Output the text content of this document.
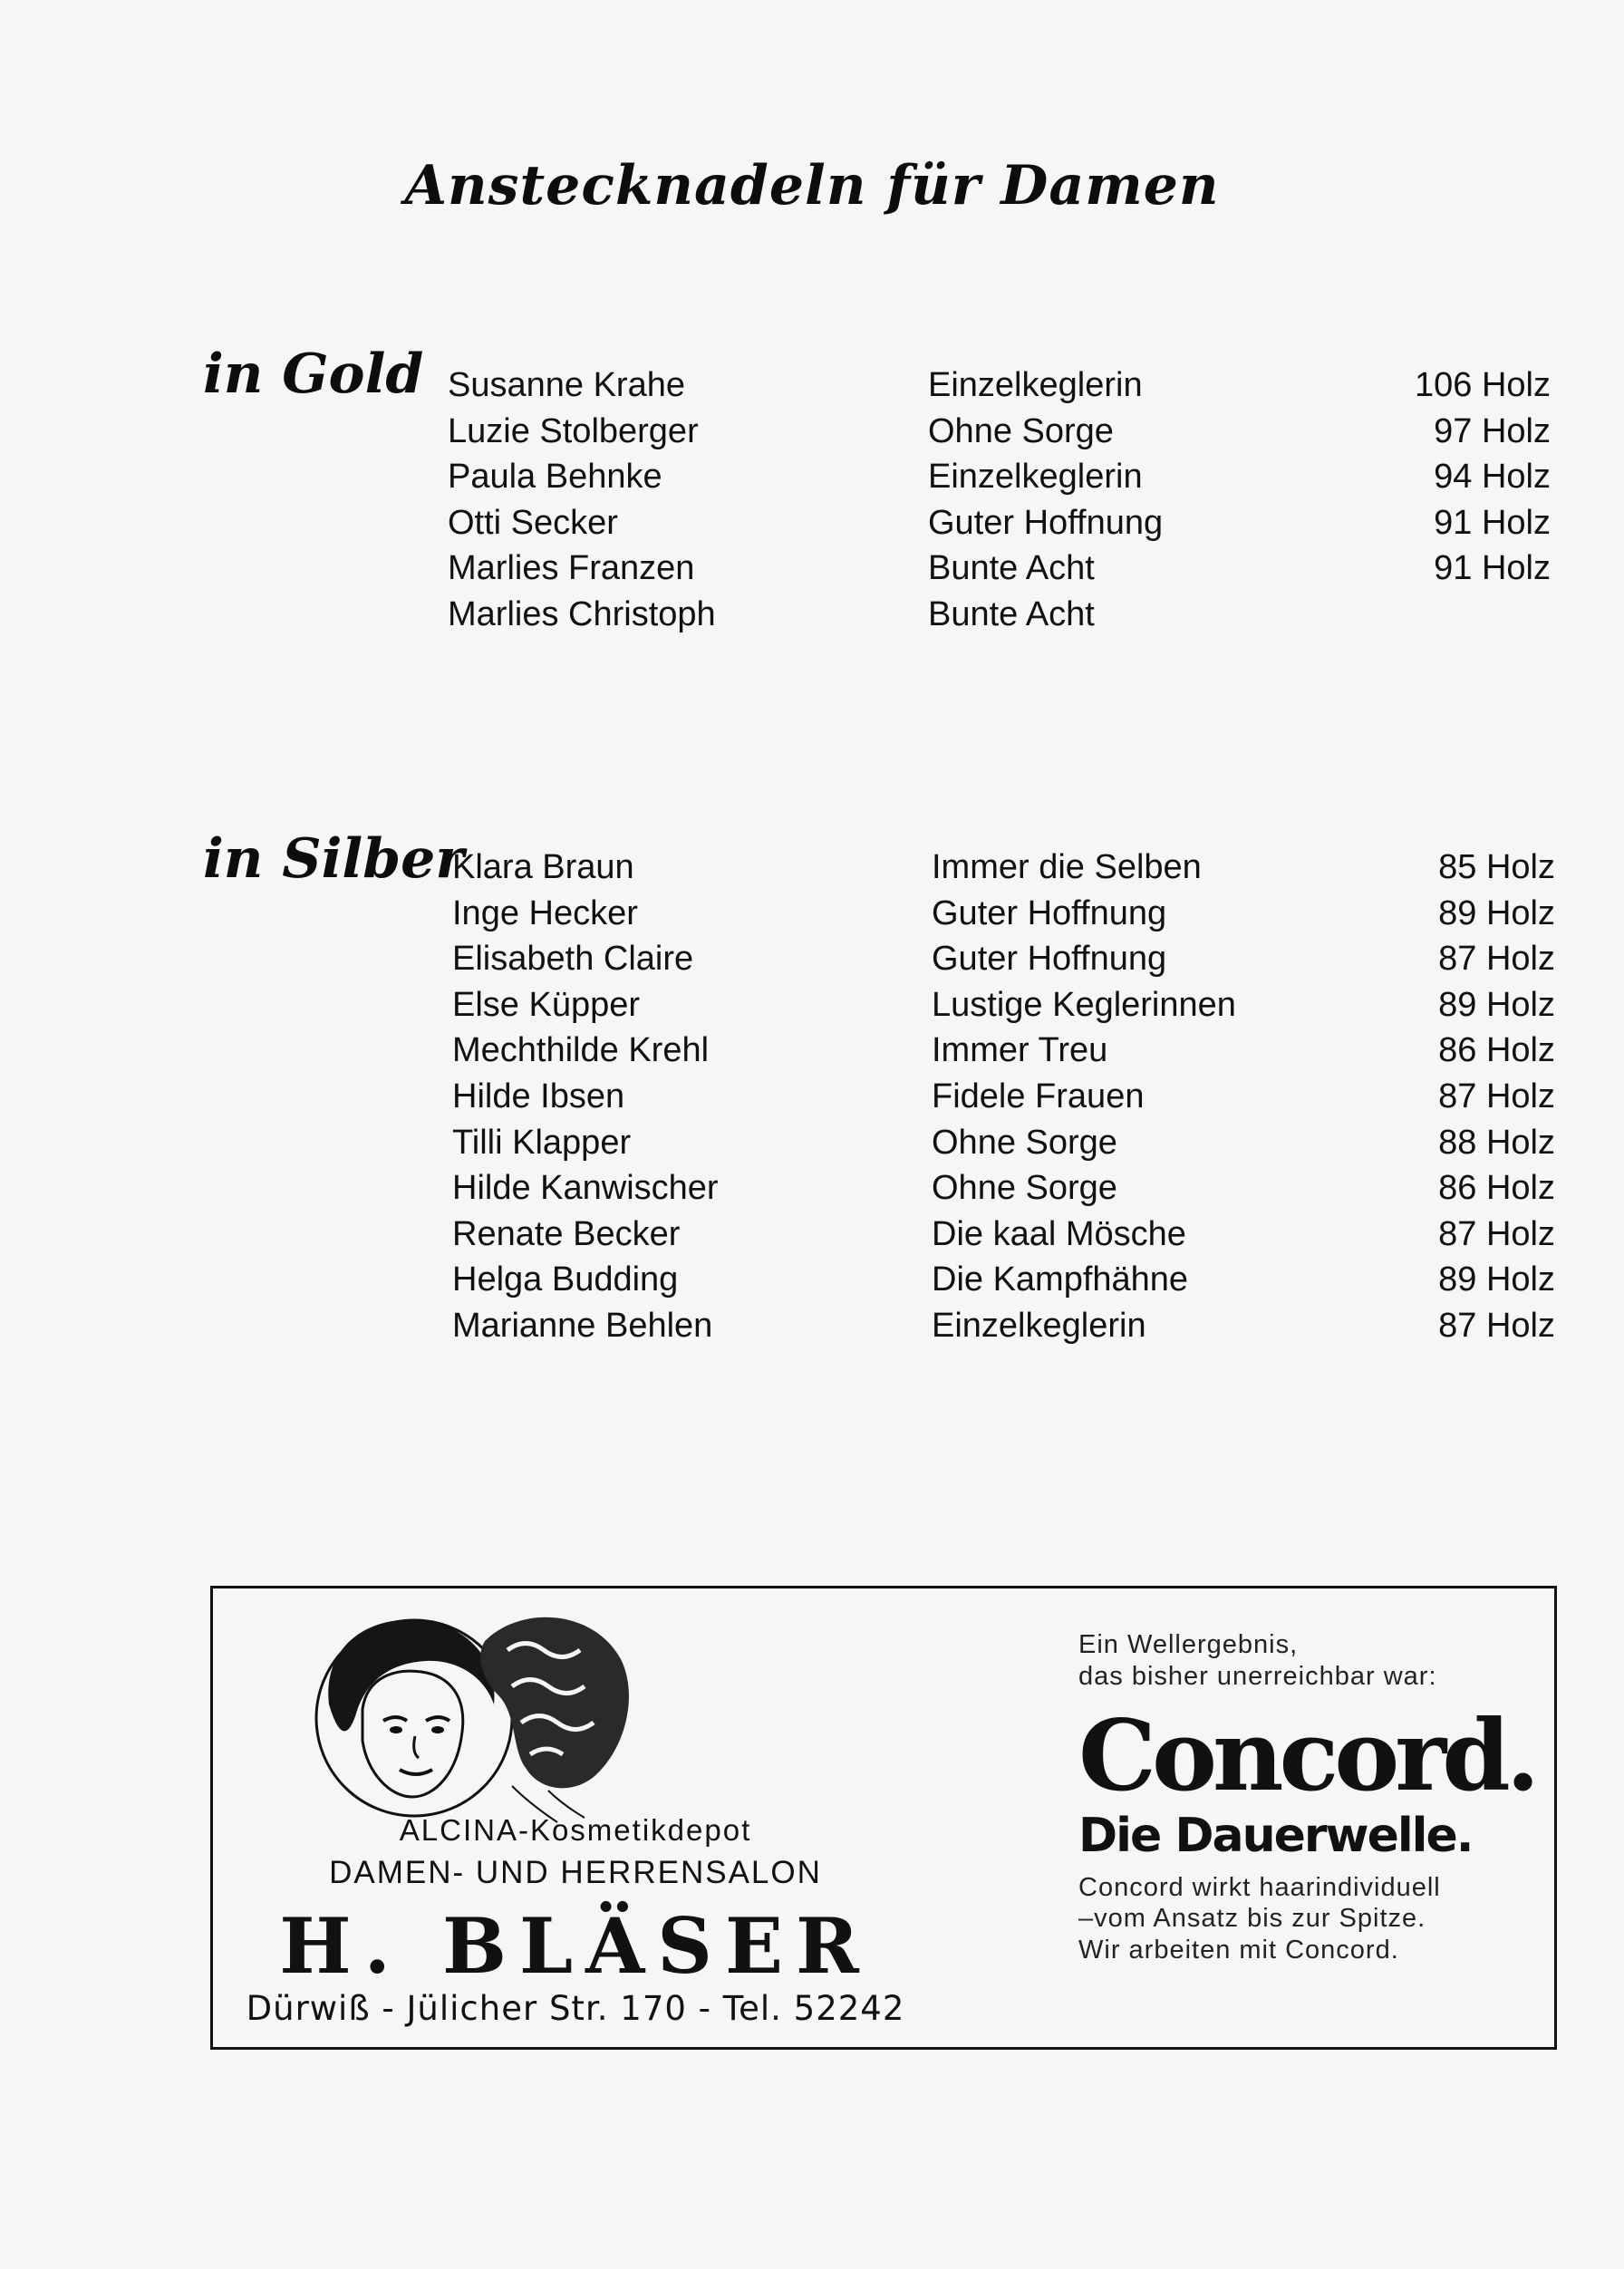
Anstecknadeln für Damen
in Gold Susanne Krahe	Einzelkeglerin	106 Holz
Luzie Stolberger	Ohne Sorge	97 Holz
Paula Behnke	Einzelkeglerin	94 Holz
Otti Secker	Guter Hoffnung	91 Holz
Marlies Franzen	Bunte Acht	91 Holz
Marlies Christoph	Bunte Acht
in Silber
Klara Braun	Immer die Selben	85 Holz
Inge Hecker	Guter Hoffnung	89 Holz
Elisabeth Claire	Guter Hoffnung	87 Holz
Else Küpper	Lustige Keglerinnen	89 Holz
Mechthilde Krehl	Immer Treu	86 Holz
Hilde Ibsen	Fidele Frauen	87 Holz
Tilli Klapper	Ohne Sorge	88 Holz
Hilde Kanwischer	Ohne Sorge	86 Holz
Renate Becker	Die kaal Mösche	87 Holz
Helga Budding	Die Kampfhähne	89 Holz
Marianne Behlen	Einzelkeglerin	87 Holz
ALCINA-Kosmetikdepot
DAMEN- UND HERRENSALON
H. BLÄSER
Dürwiß - Jülicher Str. 170 - Tel. 52242
Ein Wellergebnis,
das bisher unerreichbar war:
Concord.
Die Dauerwelle.
Concord wirkt haarindividuell
–vom Ansatz bis zur Spitze.
Wir arbeiten mit Concord.
